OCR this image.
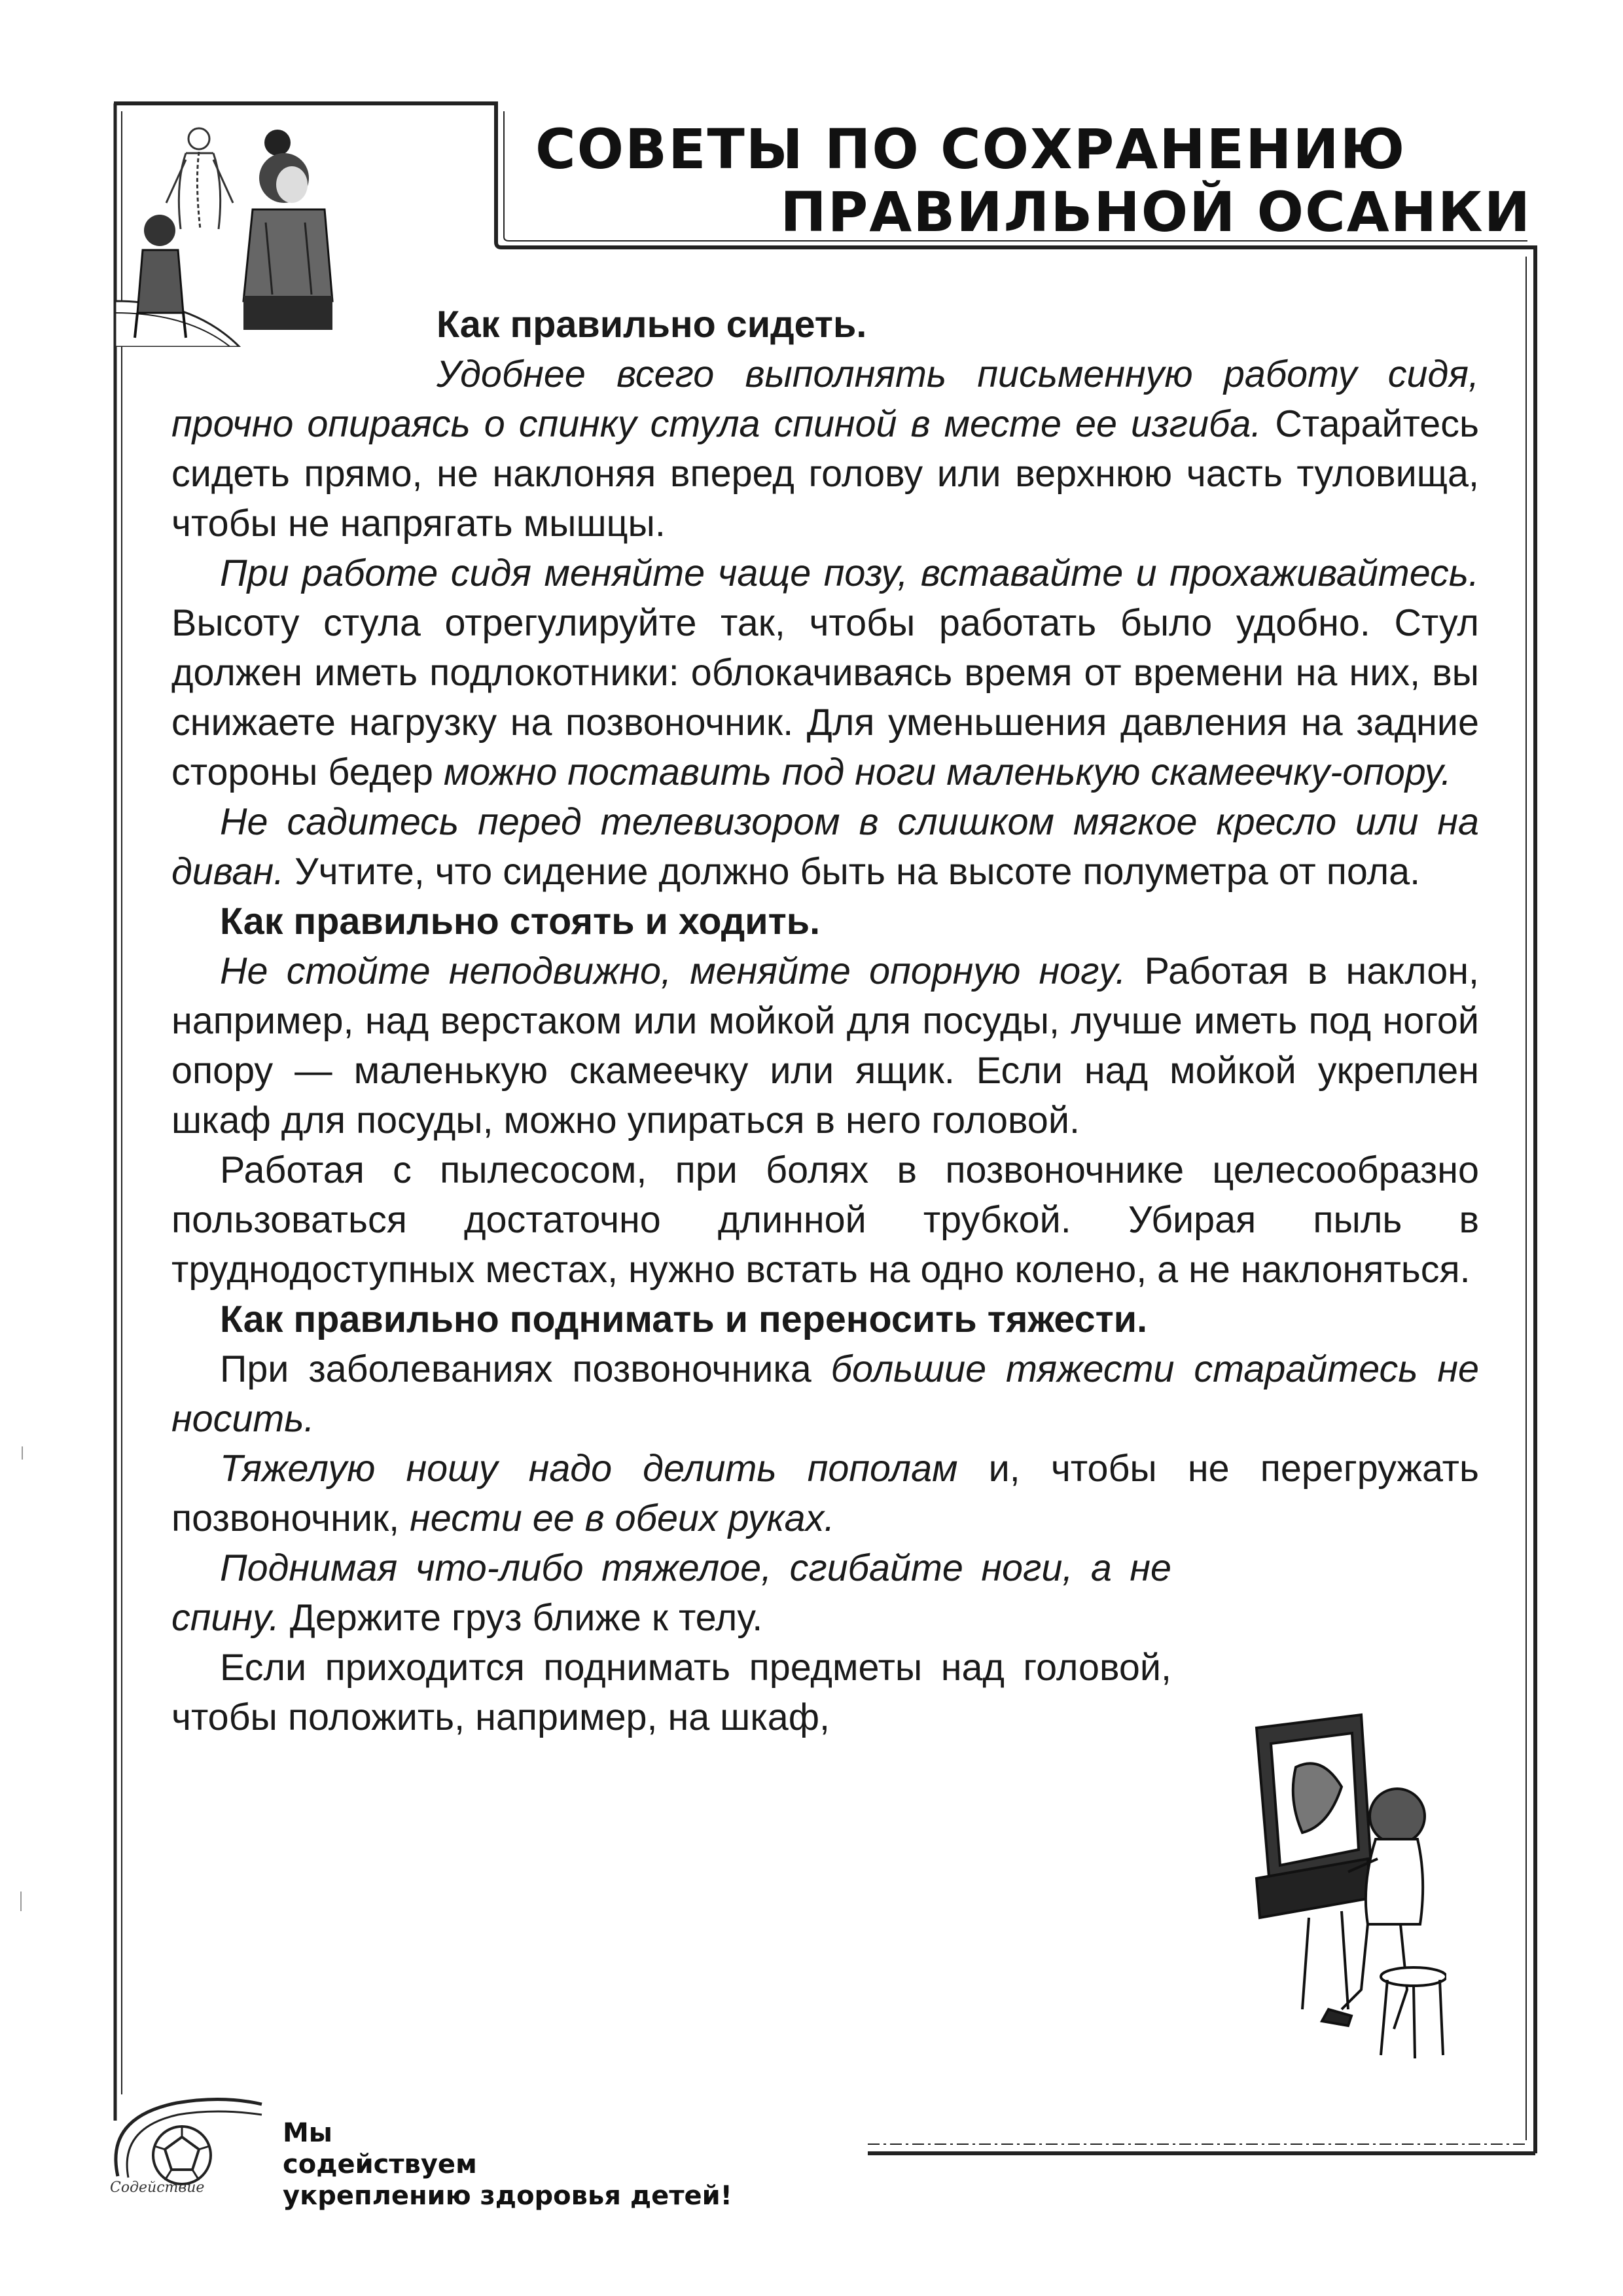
СОВЕТЫ ПО СОХРАНЕНИЮ
ПРАВИЛЬНОЙ ОСАНКИ

Как правильно сидеть.

Удобнее всего выполнять письменную работу сидя, прочно опираясь о спинку стула спиной в месте ее изгиба. Старайтесь сидеть прямо, не наклоняя вперед голову или верхнюю часть туловища, чтобы не напрягать мышцы.

При работе сидя меняйте чаще позу, вставайте и прохаживайтесь. Высоту стула отрегулируйте так, чтобы работать было удобно. Стул должен иметь подлокотники: облокачиваясь время от времени на них, вы снижаете нагрузку на позвоночник. Для уменьшения давления на задние стороны бедер можно поставить под ноги маленькую скамеечку-опору.

Не садитесь перед телевизором в слишком мягкое кресло или на диван. Учтите, что сидение должно быть на высоте полуметра от пола.

Как правильно стоять и ходить.

Не стойте неподвижно, меняйте опорную ногу. Работая в наклон, например, над верстаком или мойкой для посуды, лучше иметь под ногой опору — маленькую скамеечку или ящик. Если над мойкой укреплен шкаф для посуды, можно упираться в него головой.

Работая с пылесосом, при болях в позвоночнике целесообразно пользоваться достаточно длинной трубкой. Убирая пыль в труднодоступных местах, нужно встать на одно колено, а не наклоняться.

Как правильно поднимать и переносить тяжести.

При заболеваниях позвоночника большие тяжести старайтесь не носить.

Тяжелую ношу надо делить пополам и, чтобы не перегружать позвоночник, нести ее в обеих руках.

Поднимая что-либо тяжелое, сгибайте ноги, а не спину. Держите груз ближе к телу.

Если приходится поднимать предметы над головой, чтобы положить, например, на шкаф,

Содействие
Мы
содействуем
укреплению здоровья детей!
